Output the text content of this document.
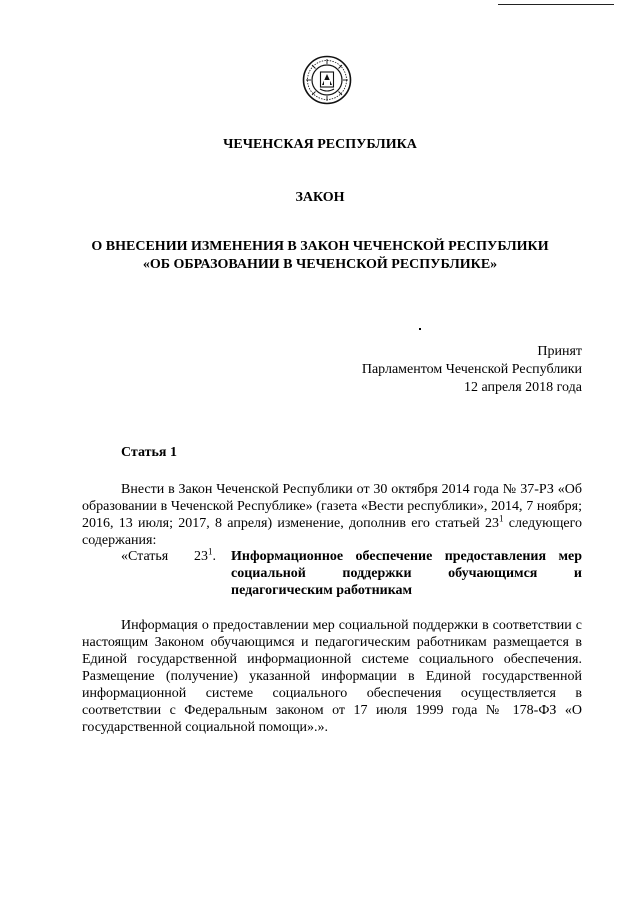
ЧЕЧЕНСКАЯ РЕСПУБЛИКА
ЗАКОН
О ВНЕСЕНИИ ИЗМЕНЕНИЯ В ЗАКОН ЧЕЧЕНСКОЙ РЕСПУБЛИКИ
«ОБ ОБРАЗОВАНИИ В ЧЕЧЕНСКОЙ РЕСПУБЛИКЕ»
Принят
Парламентом Чеченской Республики
12 апреля 2018 года
Статья 1
Внести в Закон Чеченской Республики от 30 октября 2014 года № 37-РЗ «Об образовании в Чеченской Республике» (газета «Вести республики», 2014, 7 ноября; 2016, 13 июля; 2017, 8 апреля) изменение, дополнив его статьей $23^1$ следующего содержания:
«Статья $23^1$. Информационное обеспечение предоставления мер социальной поддержки обучающимся и педагогическим работникам
Информация о предоставлении мер социальной поддержки в соответствии с настоящим Законом обучающимся и педагогическим работникам размещается в Единой государственной информационной системе социального обеспечения. Размещение (получение) указанной информации в Единой государственной информационной системе социального обеспечения осуществляется в соответствии с Федеральным законом от 17 июля 1999 года № 178-ФЗ «О государственной социальной помощи».».
